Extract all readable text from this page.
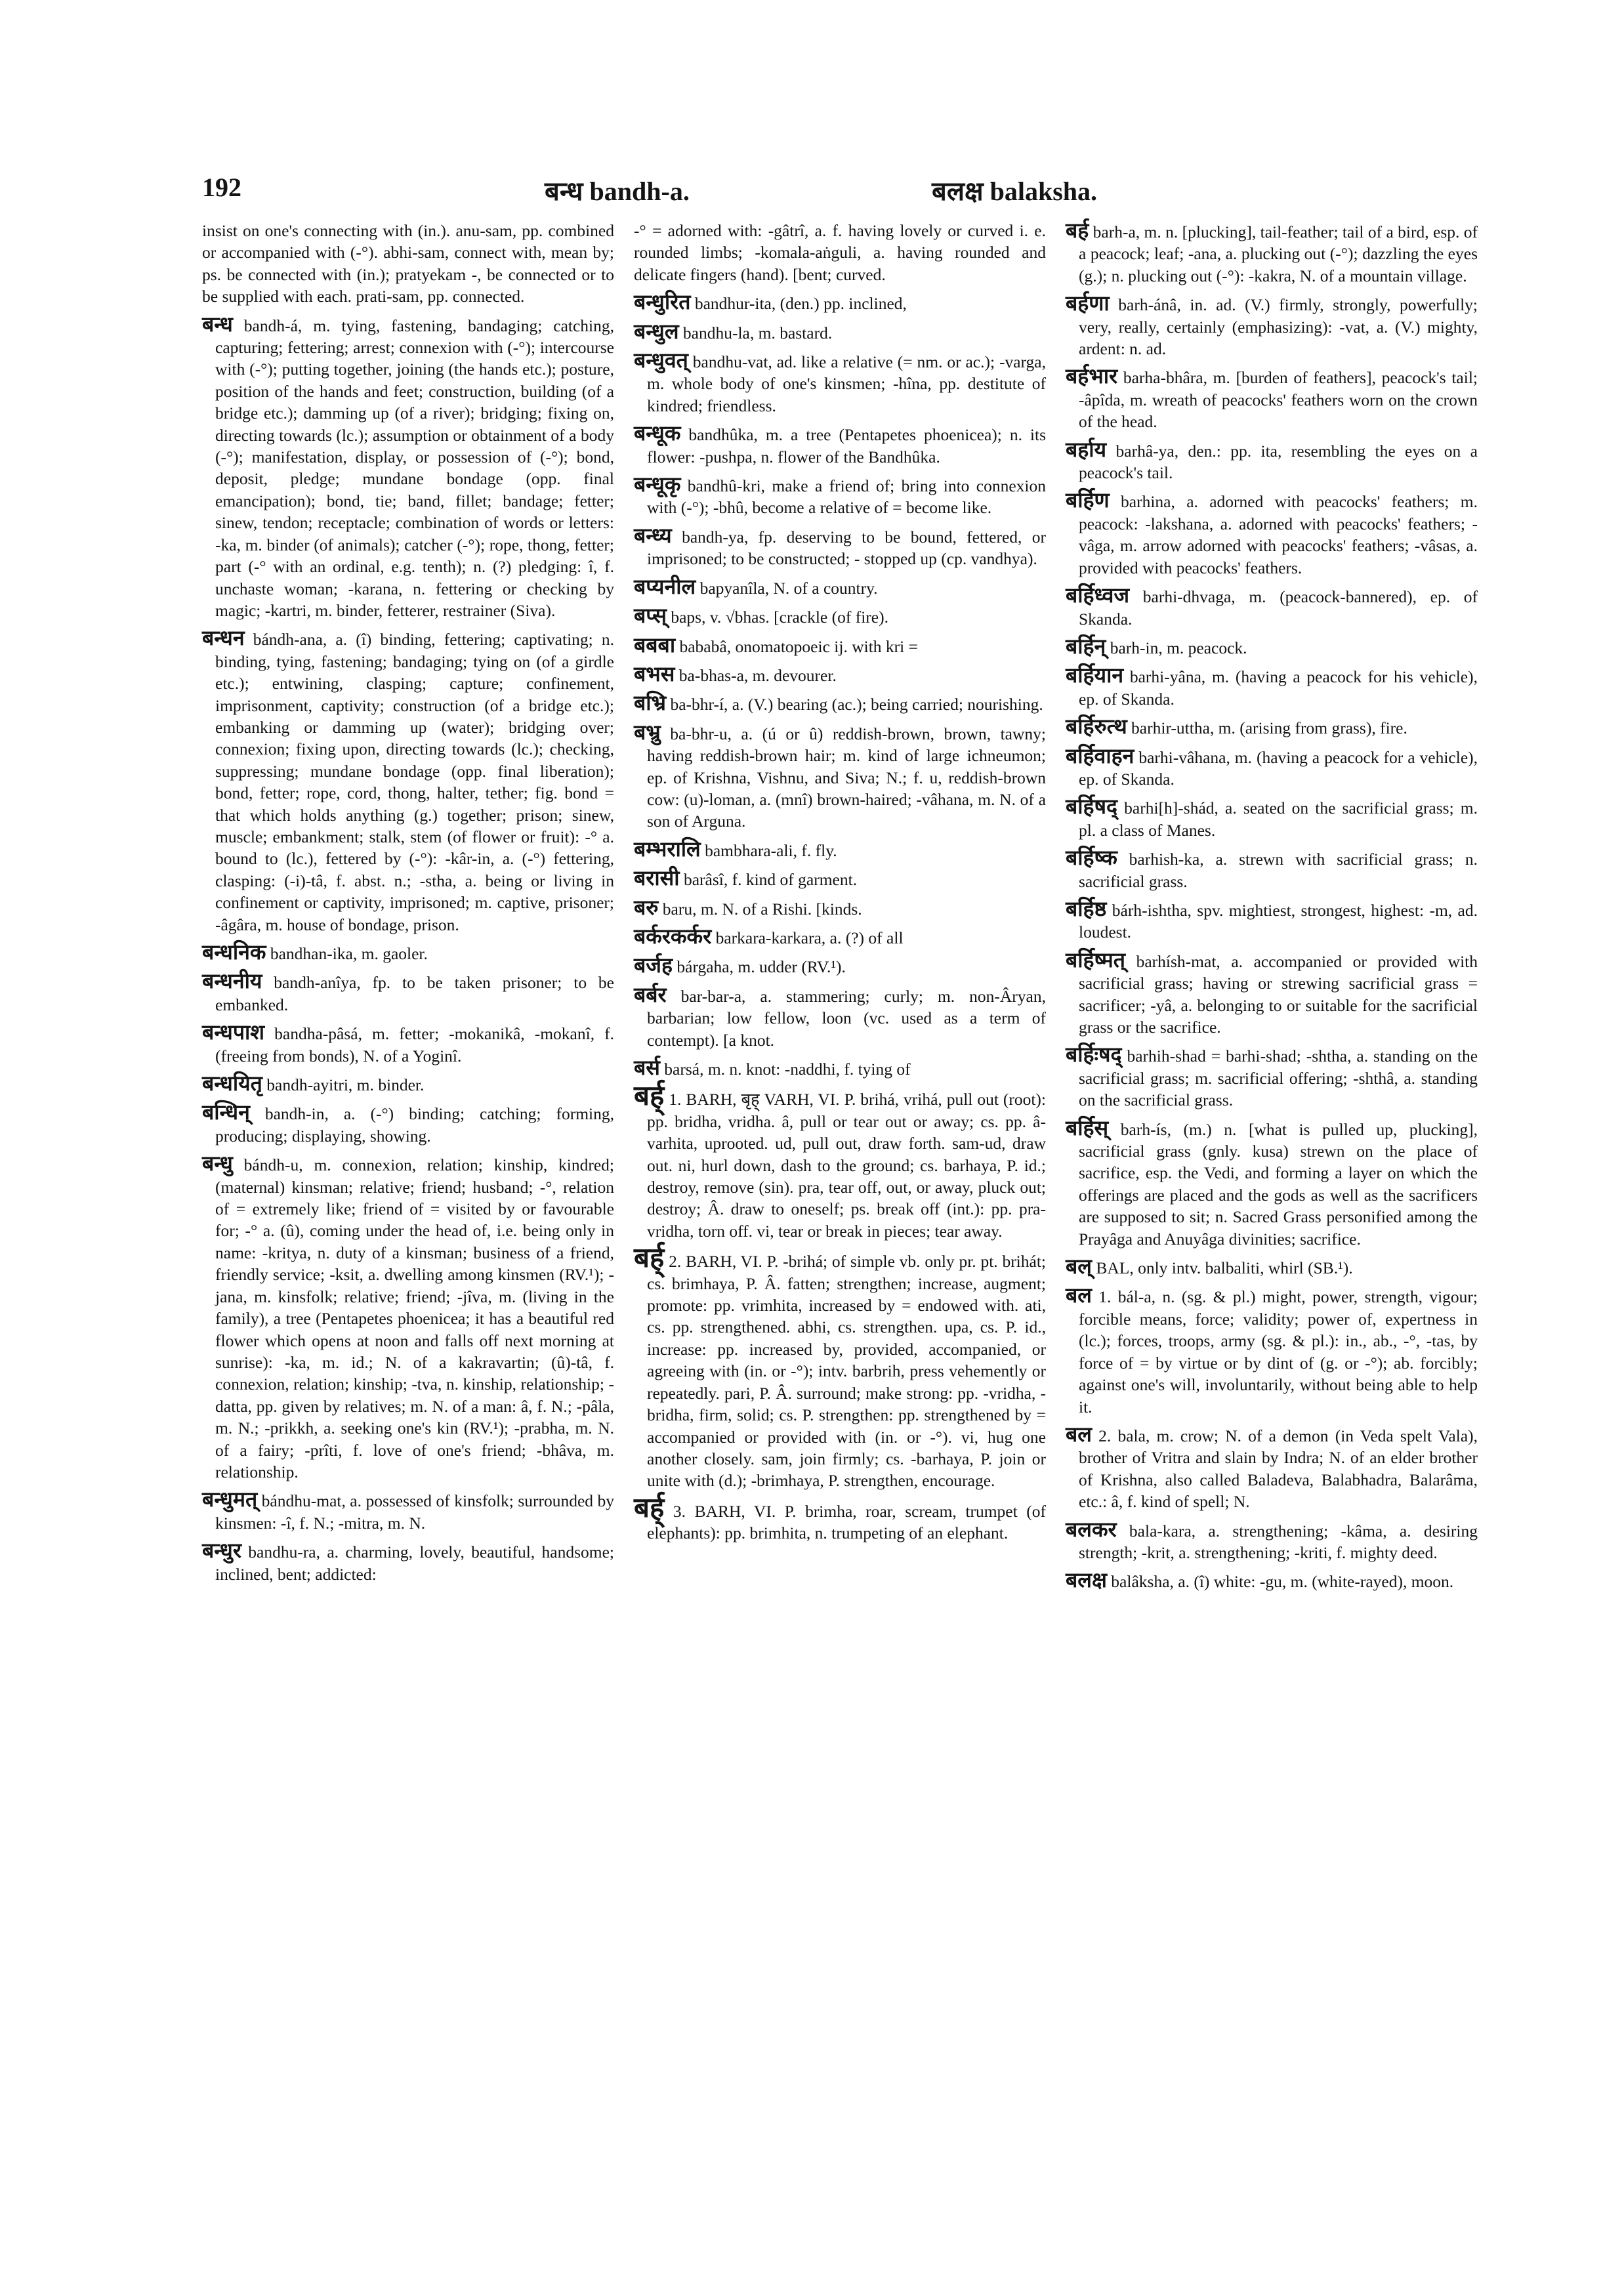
192	बन्ध bandh-a.	बलक्ष balaksha.

insist on one's connecting with (in.). anu-sam, pp. combined or accompanied with (-°). abhi-sam, connect with, mean by; ps. be connected with (in.); pratyekam -, be connected or to be supplied with each. prati-sam, pp. connected.

बन्ध bandh-á, m. tying, fastening, bandaging; catching, capturing; fettering; arrest; connexion with (-°); intercourse with (-°); putting together, joining (the hands etc.); posture, position of the hands and feet; construction, building (of a bridge etc.); damming up (of a river); bridging; fixing on, directing towards (lc.); assumption or obtainment of a body (-°); manifestation, display, or possession of (-°); bond, deposit, pledge; mundane bondage (opp. final emancipation); bond, tie; band, fillet; bandage; fetter; sinew, tendon; receptacle; combination of words or letters: -ka, m. binder (of animals); catcher (-°); rope, thong, fetter; part (-° with an ordinal, e.g. tenth); n. (?) pledging: î, f. unchaste woman; -karana, n. fettering or checking by magic; -kartri, m. binder, fetterer, restrainer (Siva).

बन्धन bándh-ana, a. (î) binding, fettering; captivating; n. binding, tying, fastening; bandaging; tying on (of a girdle etc.); entwining, clasping; capture; confinement, imprisonment, captivity; construction (of a bridge etc.); embanking or damming up (water); bridging over; connexion; fixing upon, directing towards (lc.); checking, suppressing; mundane bondage (opp. final liberation); bond, fetter; rope, cord, thong, halter, tether; fig. bond = that which holds anything (g.) together; prison; sinew, muscle; embankment; stalk, stem (of flower or fruit): -° a. bound to (lc.), fettered by (-°): -kâr-in, a. (-°) fettering, clasping: (-i)-tâ, f. abst. n.; -stha, a. being or living in confinement or captivity, imprisoned; m. captive, prisoner; -âgâra, m. house of bondage, prison.

बन्धनिक bandhan-ika, m. gaoler.

बन्धनीय bandh-anîya, fp. to be taken prisoner; to be embanked.

बन्धपाश bandha-pâsá, m. fetter; -mokanikâ, -mokanî, f. (freeing from bonds), N. of a Yoginî.

बन्धयितृ bandh-ayitri, m. binder.

बन्धिन् bandh-in, a. (-°) binding; catching; forming, producing; displaying, showing.

बन्धु bándh-u, m. connexion, relation; kinship, kindred; (maternal) kinsman; relative; friend; husband; -°, relation of = extremely like; friend of = visited by or favourable for; -° a. (û), coming under the head of, i.e. being only in name: -kritya, n. duty of a kinsman; business of a friend, friendly service; -ksit, a. dwelling among kinsmen (RV.¹); -jana, m. kinsfolk; relative; friend; -jîva, m. (living in the family), a tree (Pentapetes phoenicea; it has a beautiful red flower which opens at noon and falls off next morning at sunrise): -ka, m. id.; N. of a kakravartin; (û)-tâ, f. connexion, relation; kinship; -tva, n. kinship, relationship; -datta, pp. given by relatives; m. N. of a man: â, f. N.; -pâla, m. N.; -prikkh, a. seeking one's kin (RV.¹); -prabha, m. N. of a fairy; -prîti, f. love of one's friend; -bhâva, m. relationship.

बन्धुमत् bándhu-mat, a. possessed of kinsfolk; surrounded by kinsmen: -î, f. N.; -mitra, m. N.

बन्धुर bandhu-ra, a. charming, lovely, beautiful, handsome; inclined, bent; addicted:

-° = adorned with: -gâtrî, a. f. having lovely or curved i. e. rounded limbs; -komala-aṅguli, a. having rounded and delicate fingers (hand). [bent; curved.

बन्धुरित bandhur-ita, (den.) pp. inclined,

बन्धुल bandhu-la, m. bastard.

बन्धुवत् bandhu-vat, ad. like a relative (= nm. or ac.); -varga, m. whole body of one's kinsmen; -hîna, pp. destitute of kindred; friendless.

बन्धूक bandhûka, m. a tree (Pentapetes phoenicea); n. its flower: -pushpa, n. flower of the Bandhûka.

बन्धूकृ bandhû-kri, make a friend of; bring into connexion with (-°); -bhû, become a relative of = become like.

बन्ध्य bandh-ya, fp. deserving to be bound, fettered, or imprisoned; to be constructed; - stopped up (cp. vandhya).

बप्यनील bapyanîla, N. of a country.

बप्स् baps, v. √bhas. [crackle (of fire).

बबबा bababâ, onomatopoeic ij. with kri =

बभस ba-bhas-a, m. devourer.

बभ्रि ba-bhr-í, a. (V.) bearing (ac.); being carried; nourishing.

बभ्रु ba-bhr-u, a. (ú or û) reddish-brown, brown, tawny; having reddish-brown hair; m. kind of large ichneumon; ep. of Krishna, Vishnu, and Siva; N.; f. u, reddish-brown cow: (u)-loman, a. (mnî) brown-haired; -vâhana, m. N. of a son of Arguna.

बम्भरालि bambhara-ali, f. fly.

बरासी barâsî, f. kind of garment.

बरु baru, m. N. of a Rishi. [kinds.

बर्करकर्कर barkara-karkara, a. (?) of all

बर्जह bárgaha, m. udder (RV.¹).

बर्बर bar-bar-a, a. stammering; curly; m. non-Âryan, barbarian; low fellow, loon (vc. used as a term of contempt). [a knot.

बर्स barsá, m. n. knot: -naddhi, f. tying of

बर्ह् 1. BARH, बृह् VARH, VI. P. brihá, vrihá, pull out (root): pp. bridha, vridha. â, pull or tear out or away; cs. pp. â-varhita, uprooted. ud, pull out, draw forth. sam-ud, draw out. ni, hurl down, dash to the ground; cs. barhaya, P. id.; destroy, remove (sin). pra, tear off, out, or away, pluck out; destroy; Â. draw to oneself; ps. break off (int.): pp. pra-vridha, torn off. vi, tear or break in pieces; tear away.

बर्ह् 2. BARH, VI. P. -brihá; of simple vb. only pr. pt. brihát; cs. brimhaya, P. Â. fatten; strengthen; increase, augment; promote: pp. vrimhita, increased by = endowed with. ati, cs. pp. strengthened. abhi, cs. strengthen. upa, cs. P. id., increase: pp. increased by, provided, accompanied, or agreeing with (in. or -°); intv. barbrih, press vehemently or repeatedly. pari, P. Â. surround; make strong: pp. -vridha, -bridha, firm, solid; cs. P. strengthen: pp. strengthened by = accompanied or provided with (in. or -°). vi, hug one another closely. sam, join firmly; cs. -barhaya, P. join or unite with (d.); -brimhaya, P. strengthen, encourage.

बर्ह् 3. BARH, VI. P. brimha, roar, scream, trumpet (of elephants): pp. brimhita, n. trumpeting of an elephant.

बर्ह barh-a, m. n. [plucking], tail-feather; tail of a bird, esp. of a peacock; leaf; -ana, a. plucking out (-°); dazzling the eyes (g.); n. plucking out (-°): -kakra, N. of a mountain village.

बर्हणा barh-ánâ, in. ad. (V.) firmly, strongly, powerfully; very, really, certainly (emphasizing): -vat, a. (V.) mighty, ardent: n. ad.

बर्हभार barha-bhâra, m. [burden of feathers], peacock's tail; -âpîda, m. wreath of peacocks' feathers worn on the crown of the head.

बर्हाय barhâ-ya, den.: pp. ita, resembling the eyes on a peacock's tail.

बर्हिण barhina, a. adorned with peacocks' feathers; m. peacock: -lakshana, a. adorned with peacocks' feathers; -vâga, m. arrow adorned with peacocks' feathers; -vâsas, a. provided with peacocks' feathers.

बर्हिध्वज barhi-dhvaga, m. (peacock-bannered), ep. of Skanda.

बर्हिन् barh-in, m. peacock.

बर्हियान barhi-yâna, m. (having a peacock for his vehicle), ep. of Skanda.

बर्हिरुत्थ barhir-uttha, m. (arising from grass), fire.

बर्हिवाहन barhi-vâhana, m. (having a peacock for a vehicle), ep. of Skanda.

बर्हिषद् barhi[h]-shád, a. seated on the sacrificial grass; m. pl. a class of Manes.

बर्हिष्क barhish-ka, a. strewn with sacrificial grass; n. sacrificial grass.

बर्हिष्ठ bárh-ishtha, spv. mightiest, strongest, highest: -m, ad. loudest.

बर्हिष्मत् barhísh-mat, a. accompanied or provided with sacrificial grass; having or strewing sacrificial grass = sacrificer; -yâ, a. belonging to or suitable for the sacrificial grass or the sacrifice.

बर्हिःषद् barhih-shad = barhi-shad; -shtha, a. standing on the sacrificial grass; m. sacrificial offering; -shthâ, a. standing on the sacrificial grass.

बर्हिस् barh-ís, (m.) n. [what is pulled up, plucking], sacrificial grass (gnly. kusa) strewn on the place of sacrifice, esp. the Vedi, and forming a layer on which the offerings are placed and the gods as well as the sacrificers are supposed to sit; n. Sacred Grass personified among the Prayâga and Anuyâga divinities; sacrifice.

बल् BAL, only intv. balbaliti, whirl (SB.¹).

बल 1. bál-a, n. (sg. & pl.) might, power, strength, vigour; forcible means, force; validity; power of, expertness in (lc.); forces, troops, army (sg. & pl.): in., ab., -°, -tas, by force of = by virtue or by dint of (g. or -°); ab. forcibly; against one's will, involuntarily, without being able to help it.

बल 2. bala, m. crow; N. of a demon (in Veda spelt Vala), brother of Vritra and slain by Indra; N. of an elder brother of Krishna, also called Baladeva, Balabhadra, Balarâma, etc.: â, f. kind of spell; N.

बलकर bala-kara, a. strengthening; -kâma, a. desiring strength; -krit, a. strengthening; -kriti, f. mighty deed.

बलक्ष balâksha, a. (î) white: -gu, m. (white-rayed), moon.
